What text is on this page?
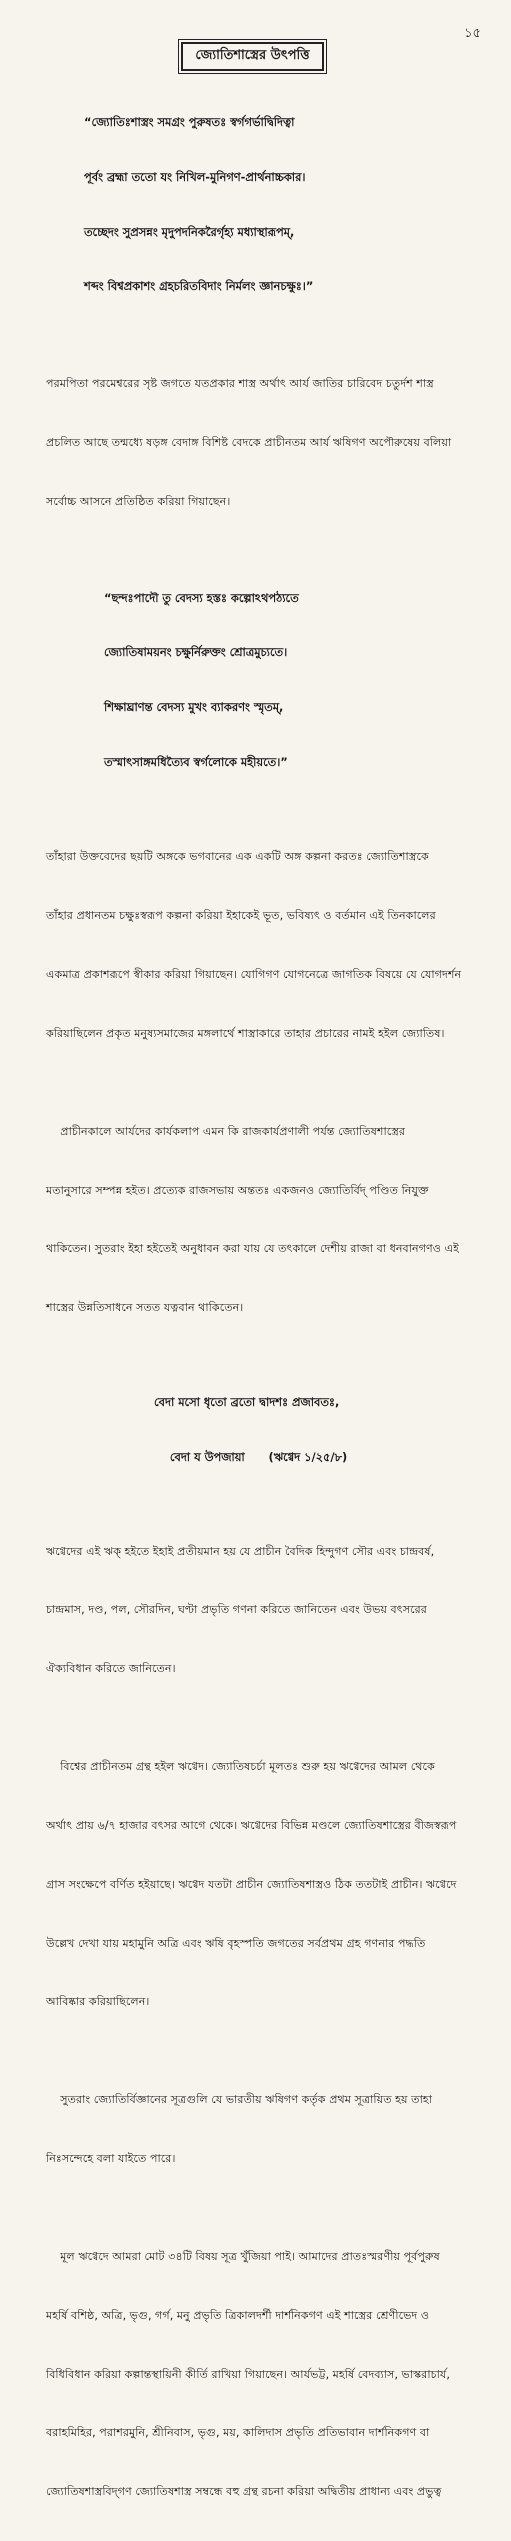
১৫
জ্যোতিশাস্ত্রের উৎপত্তি

“জ্যোতিঃশাস্ত্রং সমগ্রং পুরুষতঃ স্বর্গগর্ভাদ্বিদিত্বা

পূর্বং ব্রহ্মা ততো যং নিখিল-মুনিগণ-প্রার্থনাচ্চকার।

তচ্ছেদং সুপ্রসন্নং মৃদুপদনিকরৈর্গৃহ্য মধ্যাস্থারূপম্‌,

শব্দং বিশ্বপ্রকাশং গ্রহচরিতবিদাং নির্মলং জ্ঞানচক্ষুঃ।”

পরমপিতা পরমেশ্বরের সৃষ্ট জগতে যতপ্রকার শাস্ত্র অর্থাৎ আর্য জাতির চারিবেদ চতুর্দশ শাস্ত্র

প্রচলিত আছে তন্মধ্যে ষড়ঙ্গ বেদাঙ্গ বিশিষ্ট বেদকে প্রাচীনতম আর্য ঋষিগণ অপৌরুষেয় বলিয়া

সর্বোচ্চ আসনে প্রতিষ্ঠিত করিয়া গিয়াছেন।

“ছন্দঃপাদৌ তু বেদস্য হস্তঃ কল্পোঽথপঠ্যতে

জ্যোতিষাময়নং চক্ষুর্নিরুক্তং শ্রোত্রমুচ্যতে।

শিক্ষাঘ্রাণন্ত বেদস্য মুখং ব্যাকরণং স্মৃতম্‌,

তস্মাৎসাঙ্গমধিত্যৈব স্বর্গলোকে মহীয়তে।”

তাঁহারা উক্তবেদের ছয়টি অঙ্গকে ভগবানের এক একটি অঙ্গ কল্পনা করতঃ জ্যোতিশাস্ত্রকে

তাঁহার প্রধানতম চক্ষুঃস্বরূপ কল্পনা করিয়া ইহাকেই ভূত, ভবিষ্যৎ ও বর্তমান এই তিনকালের

একমাত্র প্রকাশরূপে স্বীকার করিয়া গিয়াছেন। যোগিগণ যোগনেত্রে জাগতিক বিষয়ে যে যোগদর্শন

করিয়াছিলেন প্রকৃত মনুষ্যসমাজের মঙ্গলার্থে শাস্ত্রাকারে তাহার প্রচারের নামই হইল জ্যোতিষ।

প্রাচীনকালে আর্যদের কার্যকলাপ এমন কি রাজকার্যপ্রণালী পর্যন্ত জ্যোতিষশাস্ত্রের

মতানুসারে সম্পন্ন হইত। প্রত্যেক রাজসভায় অন্ততঃ একজনও জ্যোতির্বিদ্‌ পণ্ডিত নিযুক্ত

থাকিতেন। সুতরাং ইহা হইতেই অনুধাবন করা যায় যে তৎকালে দেশীয় রাজা বা ধনবানগণও এই

শাস্ত্রের উন্নতিসাধনে সতত যত্নবান থাকিতেন।

বেদা মসো ধৃতো ব্রতো দ্বাদশঃ প্রজাবতঃ,

বেদা য উপজায়া      (ঋগ্বেদ ১/২৫/৮)

ঋগ্বেদের এই ঋক্‌ হইতে ইহাই প্রতীয়মান হয় যে প্রাচীন বৈদিক হিন্দুগণ সৌর এবং চান্দ্রবর্ষ,

চান্দ্রমাস, দণ্ড, পল, সৌরদিন, ঘণ্টা প্রভৃতি গণনা করিতে জানিতেন এবং উভয় বৎসরের

ঐক্যবিধান করিতে জানিতেন।

বিশ্বের প্রাচীনতম গ্রন্থ হইল ঋগ্বেদ। জ্যোতিষচর্চা মূলতঃ শুরু হয় ঋগ্বেদের আমল থেকে

অর্থাৎ প্রায় ৬/৭ হাজার বৎসর আগে থেকে। ঋগ্বেদের বিভিন্ন মণ্ডলে জ্যোতিষশাস্ত্রের বীজস্বরূপ

গ্রাস সংক্ষেপে বর্ণিত হইয়াছে। ঋগ্বেদ যতটা প্রাচীন জ্যোতিষশাস্ত্রও ঠিক ততটাই প্রাচীন। ঋগ্বেদে

উল্লেখ দেখা যায় মহামুনি অত্রি এবং ঋষি বৃহস্পতি জগতের সর্বপ্রথম গ্রহ গণনার পদ্ধতি

আবিষ্কার করিয়াছিলেন।

সুতরাং জ্যোতির্বিজ্ঞানের সূত্রগুলি যে ভারতীয় ঋষিগণ কর্তৃক প্রথম সূত্রায়িত হয় তাহা

নিঃসন্দেহে বলা যাইতে পারে।

মূল ঋগ্বেদে আমরা মোট ৩৪টি বিষয় সূত্র খুঁজিয়া পাই। আমাদের প্রাতঃস্মরণীয় পূর্বপুরুষ

মহর্ষি বশিষ্ঠ, অত্রি, ভৃগু, গর্গ, মনু প্রভৃতি ত্রিকালদর্শী দার্শনিকগণ এই শাস্ত্রের শ্রেণীভেদ ও

বিধিবিধান করিয়া কল্পান্তস্থায়িনী কীর্তি রাখিয়া গিয়াছেন। আর্যভট্ট, মহর্ষি বেদব্যাস, ভাস্করাচার্য,

বরাহমিহির, পরাশরমুনি, শ্রীনিবাস, ভৃগু, ময়, কালিদাস প্রভৃতি প্রতিভাবান দার্শনিকগণ বা

জ্যোতিষশাস্ত্রবিদ্‌গণ জ্যোতিষশাস্ত্র সম্বন্ধে বহু গ্রন্থ রচনা করিয়া অদ্বিতীয় প্রাধান্য এবং প্রভুত্ব
